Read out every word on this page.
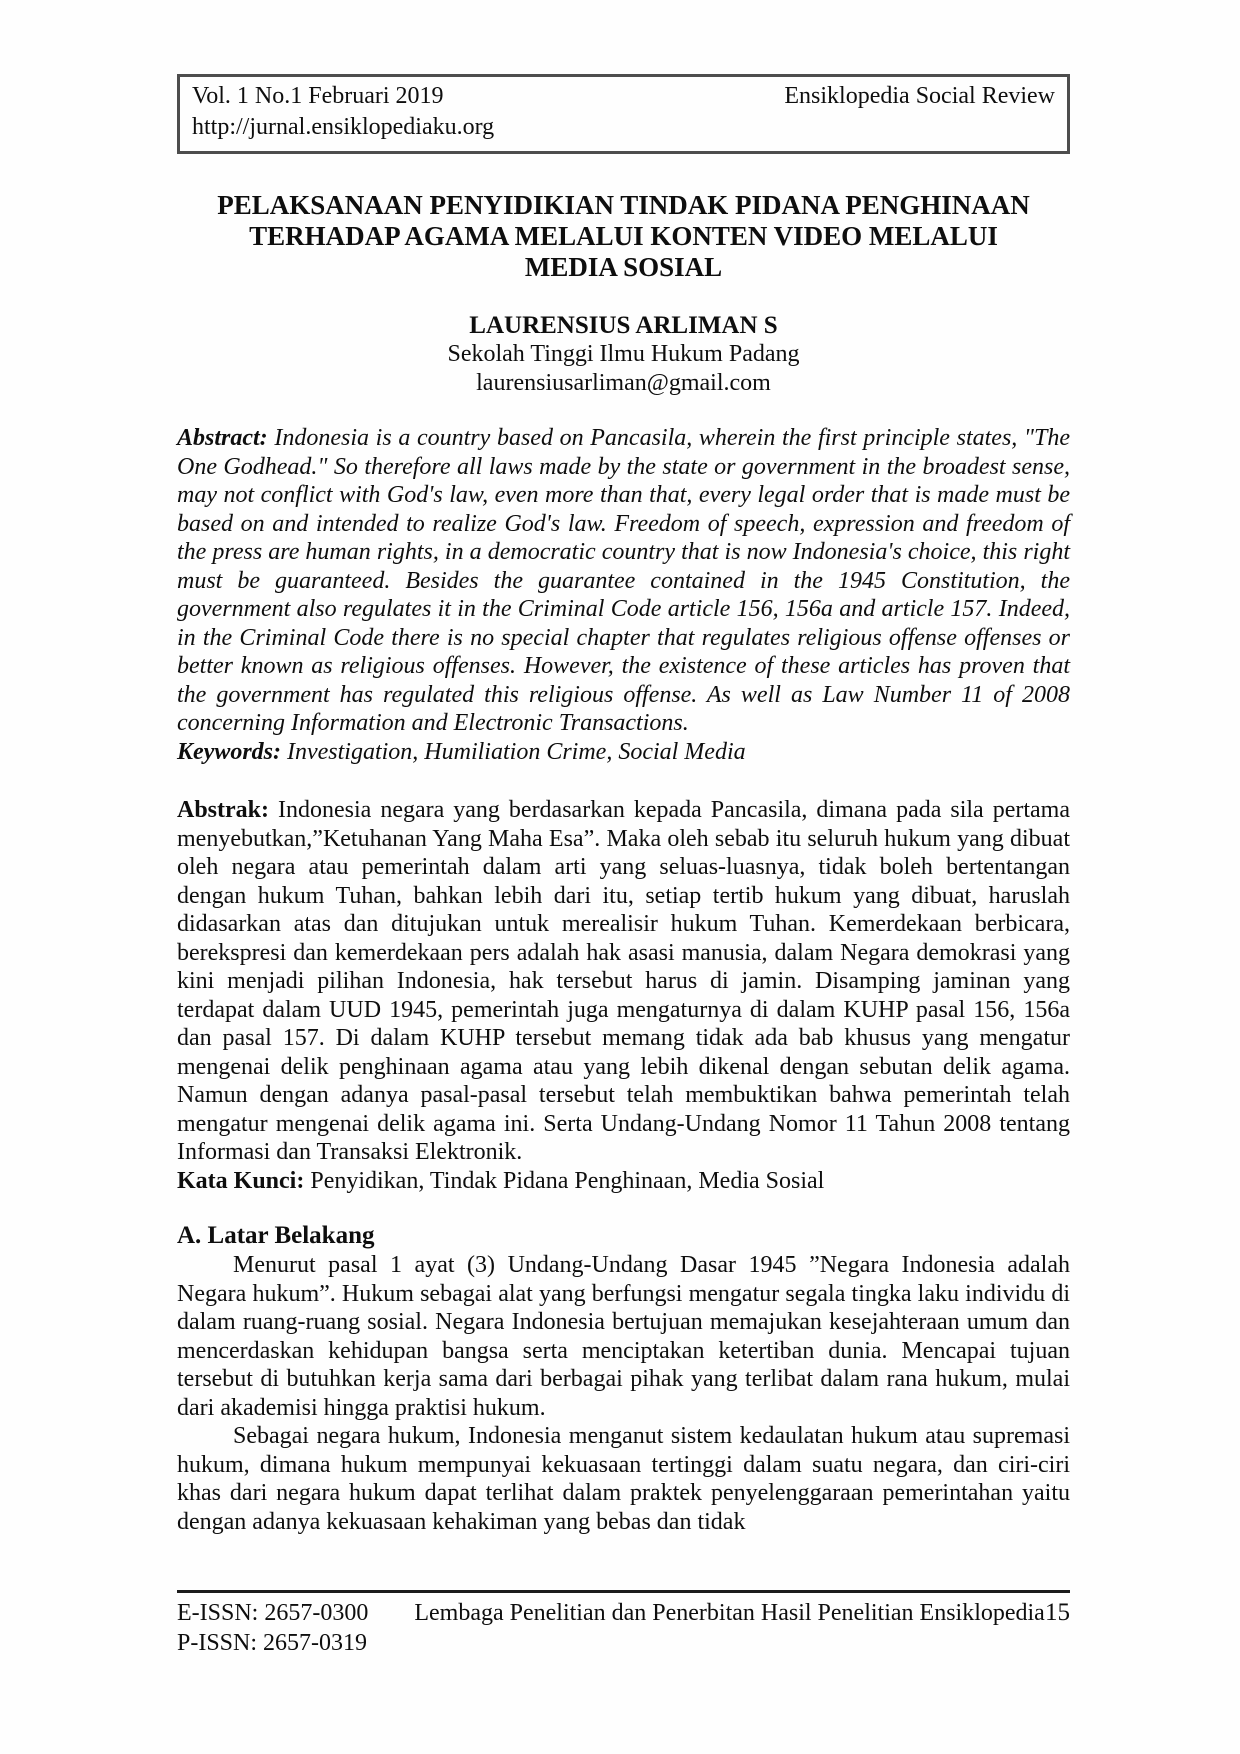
Vol. 1 No.1 Februari 2019
http://jurnal.ensiklopediaku.org
Ensiklopedia Social Review
PELAKSANAAN PENYIDIKIAN TINDAK PIDANA PENGHINAAN
TERHADAP AGAMA MELALUI KONTEN VIDEO MELALUI
MEDIA SOSIAL
LAURENSIUS ARLIMAN S
Sekolah Tinggi Ilmu Hukum Padang
laurensiusarliman@gmail.com

Abstract: Indonesia is a country based on Pancasila, wherein the first principle states, "The One Godhead." So therefore all laws made by the state or government in the broadest sense, may not conflict with God's law, even more than that, every legal order that is made must be based on and intended to realize God's law. Freedom of speech, expression and freedom of the press are human rights, in a democratic country that is now Indonesia's choice, this right must be guaranteed. Besides the guarantee contained in the 1945 Constitution, the government also regulates it in the Criminal Code article 156, 156a and article 157. Indeed, in the Criminal Code there is no special chapter that regulates religious offense offenses or better known as religious offenses. However, the existence of these articles has proven that the government has regulated this religious offense. As well as Law Number 11 of 2008 concerning Information and Electronic Transactions.

Keywords: Investigation, Humiliation Crime, Social Media

Abstrak: Indonesia negara yang berdasarkan kepada Pancasila, dimana pada sila pertama menyebutkan,”Ketuhanan Yang Maha Esa”. Maka oleh sebab itu seluruh hukum yang dibuat oleh negara atau pemerintah dalam arti yang seluas-luasnya, tidak boleh bertentangan dengan hukum Tuhan, bahkan lebih dari itu, setiap tertib hukum yang dibuat, haruslah didasarkan atas dan ditujukan untuk merealisir hukum Tuhan. Kemerdekaan berbicara, berekspresi dan kemerdekaan pers adalah hak asasi manusia, dalam Negara demokrasi yang kini menjadi pilihan Indonesia, hak tersebut harus di jamin. Disamping jaminan yang terdapat dalam UUD 1945, pemerintah juga mengaturnya di dalam KUHP pasal 156, 156a dan pasal 157. Di dalam KUHP tersebut memang tidak ada bab khusus yang mengatur mengenai delik penghinaan agama atau yang lebih dikenal dengan sebutan delik agama. Namun dengan adanya pasal-pasal tersebut telah membuktikan bahwa pemerintah telah mengatur mengenai delik agama ini. Serta Undang-Undang Nomor 11 Tahun 2008 tentang Informasi dan Transaksi Elektronik.

Kata Kunci: Penyidikan, Tindak Pidana Penghinaan, Media Sosial

A. Latar Belakang

Menurut pasal 1 ayat (3) Undang-Undang Dasar 1945 ”Negara Indonesia adalah Negara hukum”. Hukum sebagai alat yang berfungsi mengatur segala tingka laku individu di dalam ruang-ruang sosial. Negara Indonesia bertujuan memajukan kesejahteraan umum dan mencerdaskan kehidupan bangsa serta menciptakan ketertiban dunia. Mencapai tujuan tersebut di butuhkan kerja sama dari berbagai pihak yang terlibat dalam rana hukum, mulai dari akademisi hingga praktisi hukum.

Sebagai negara hukum, Indonesia menganut sistem kedaulatan hukum atau supremasi hukum, dimana hukum mempunyai kekuasaan tertinggi dalam suatu negara, dan ciri-ciri khas dari negara hukum dapat terlihat dalam praktek penyelenggaraan pemerintahan yaitu dengan adanya kekuasaan kehakiman yang bebas dan tidak

E-ISSN: 2657-0300 Lembaga Penelitian dan Penerbitan Hasil Penelitian Ensiklopedia 15
P-ISSN: 2657-0319
